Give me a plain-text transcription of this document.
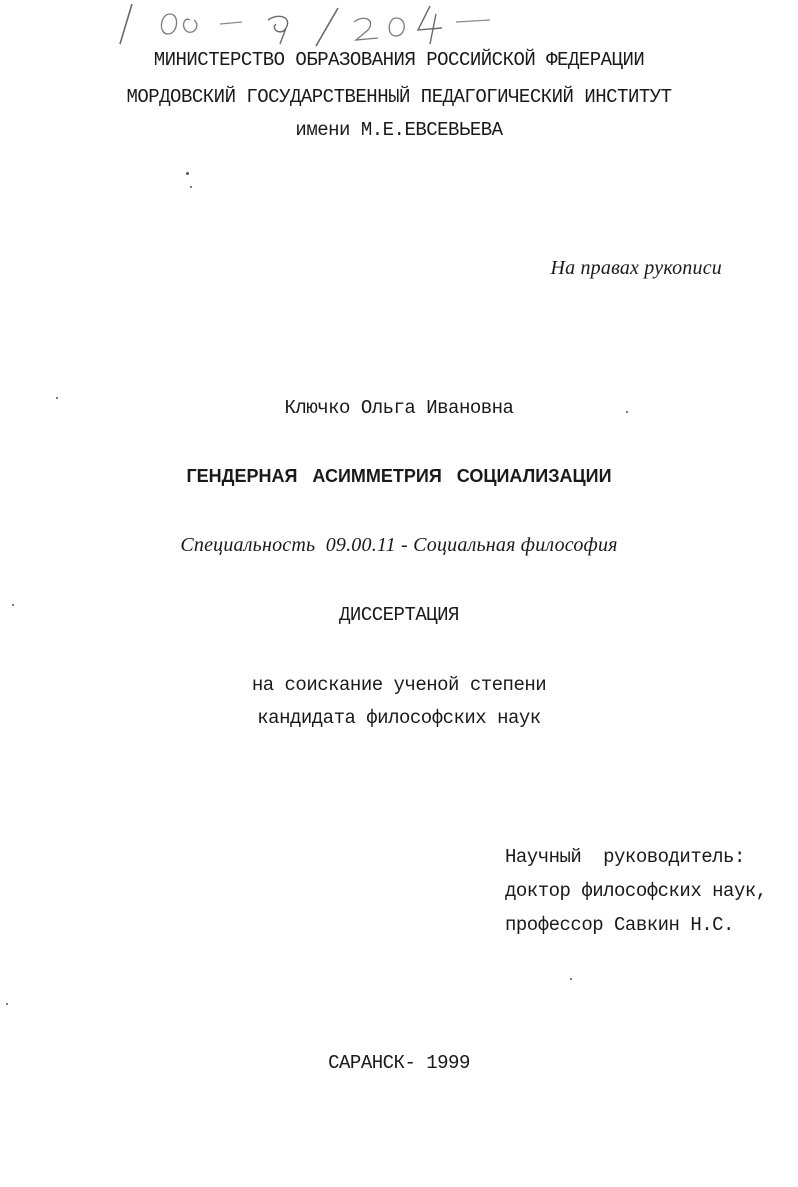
МИНИСТЕРСТВО ОБРАЗОВАНИЯ РОССИЙСКОЙ ФЕДЕРАЦИИ
МОРДОВСКИЙ ГОСУДАРСТВЕННЫЙ ПЕДАГОГИЧЕСКИЙ ИНСТИТУТ
имени М.Е.ЕВСЕВЬЕВА
На правах рукописи
Ключко Ольга Ивановна
ГЕНДЕРНАЯ   АСИММЕТРИЯ   СОЦИАЛИЗАЦИИ
Специальность  09.00.11 - Социальная философия
ДИССЕРТАЦИЯ
на соискание ученой степени
кандидата философских наук
Научный  руководитель:
доктор философских наук,
профессор Савкин Н.С.
САРАНСК- 1999
